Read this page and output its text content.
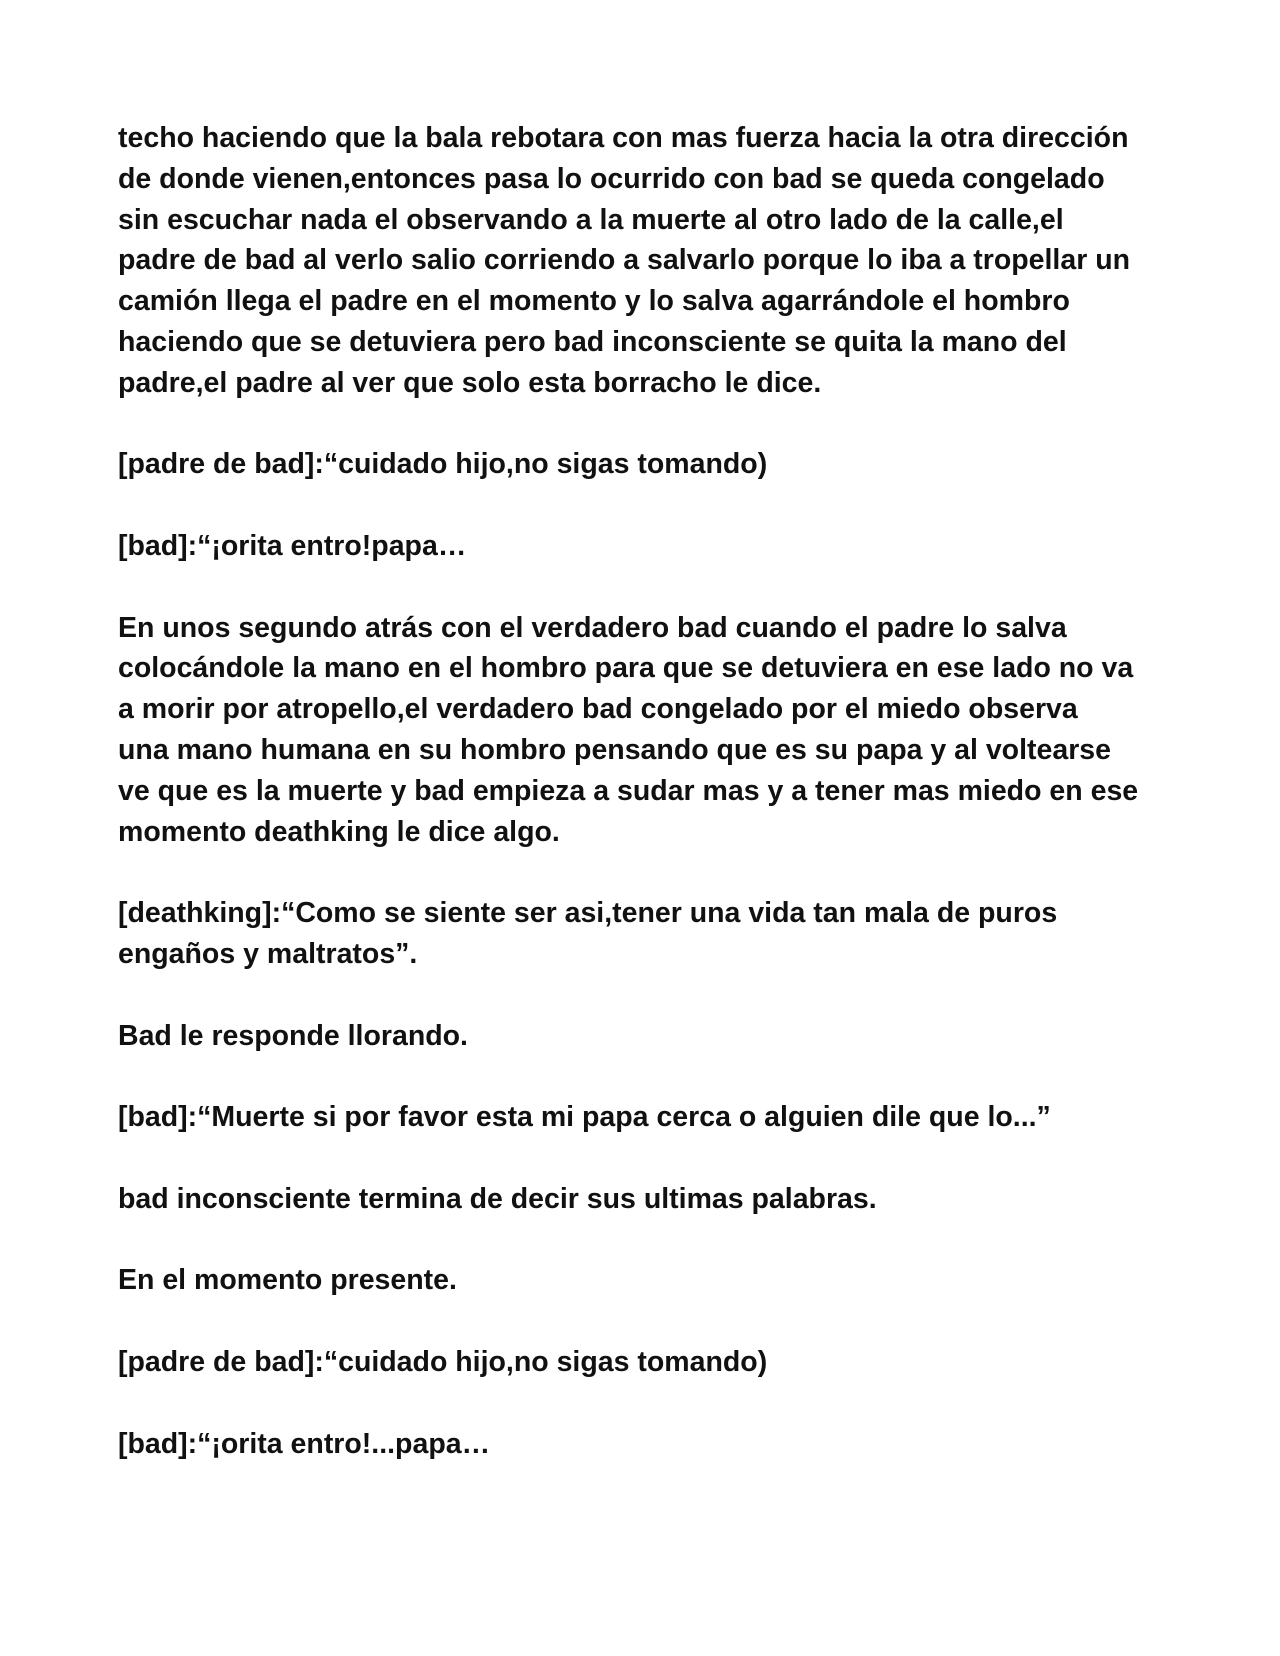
techo haciendo que la bala rebotara con mas fuerza hacia la otra dirección
de donde vienen,entonces pasa lo ocurrido con bad se queda congelado
sin escuchar nada el observando a la muerte al otro lado de la calle,el
padre de bad al verlo salio corriendo a salvarlo porque lo iba a tropellar un
camión llega el padre en el momento y lo salva agarrándole el hombro
haciendo que se detuviera pero bad inconsciente se quita la mano del
padre,el padre al ver que solo esta borracho le dice.

[padre de bad]:“cuidado hijo,no sigas tomando)

[bad]:“¡orita entro!papa…

En unos segundo atrás con el verdadero bad cuando el padre lo salva
colocándole la mano en el hombro para que se detuviera en ese lado no va
a morir por atropello,el verdadero bad congelado por el miedo observa
una mano humana en su hombro pensando que es su papa y al voltearse
ve que es la muerte y bad empieza a sudar mas y a tener mas miedo en ese
momento deathking le dice algo.

[deathking]:“Como se siente ser asi,tener una vida tan mala de puros
engaños y maltratos”.

Bad le responde llorando.

[bad]:“Muerte si por favor esta mi papa cerca o alguien dile que lo...”

bad inconsciente termina de decir sus ultimas palabras.

En el momento presente.

[padre de bad]:“cuidado hijo,no sigas tomando)

[bad]:“¡orita entro!...papa…
